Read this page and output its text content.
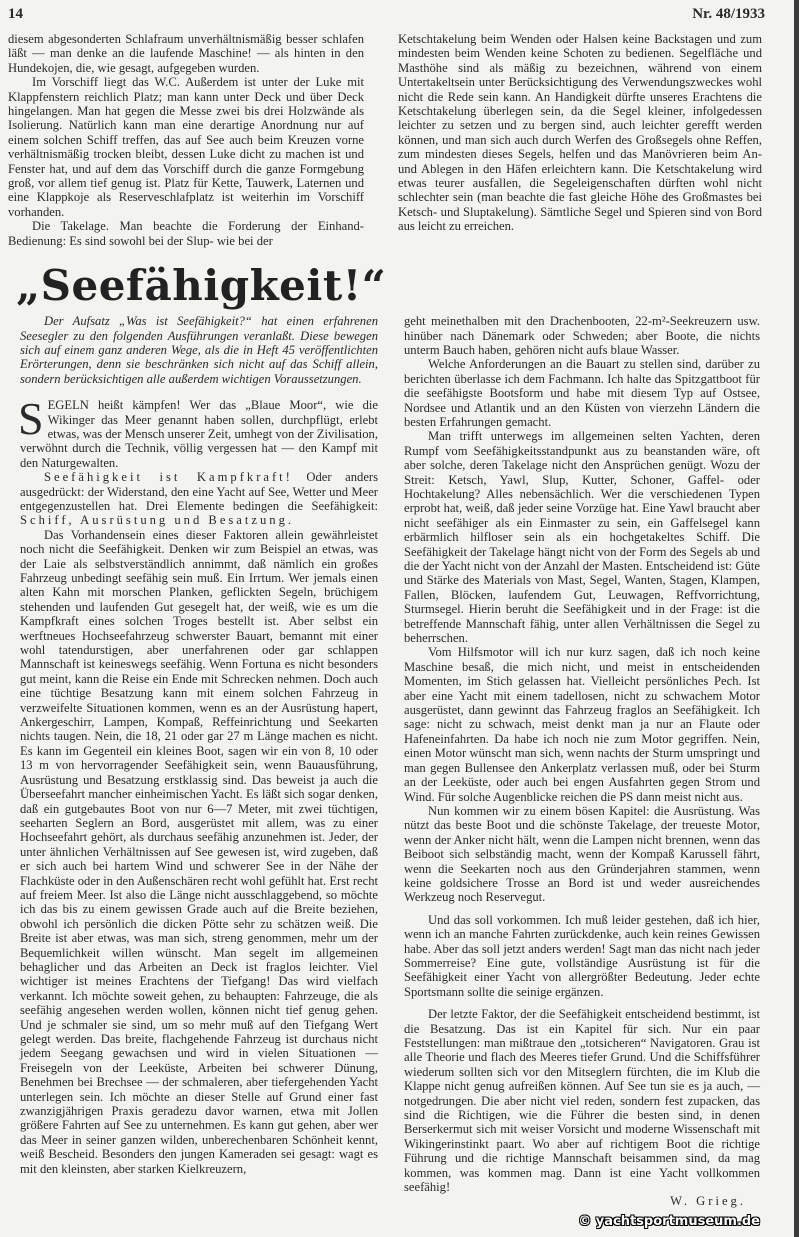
14	Nr. 48/1933

diesem abgesonderten Schlafraum unverhältnismäßig besser schlafen läßt — man denke an die laufende Maschine! — als hinten in den Hundekojen, die, wie gesagt, aufgegeben wurden.

Im Vorschiff liegt das W.C. Außerdem ist unter der Luke mit Klappfenstern reichlich Platz; man kann unter Deck und über Deck hingelangen. Man hat gegen die Messe zwei bis drei Holzwände als Isolierung. Natürlich kann man eine derartige Anordnung nur auf einem solchen Schiff treffen, das auf See auch beim Kreuzen vorne verhältnismäßig trocken bleibt, dessen Luke dicht zu machen ist und Fenster hat, und auf dem das Vorschiff durch die ganze Formgebung groß, vor allem tief genug ist. Platz für Kette, Tauwerk, Laternen und eine Klappkoje als Reserveschlafplatz ist weiterhin im Vorschiff vorhanden.

Die Takelage. Man beachte die Forderung der Einhand-Bedienung: Es sind sowohl bei der Slup- wie bei der

Ketschtakelung beim Wenden oder Halsen keine Backstagen und zum mindesten beim Wenden keine Schoten zu bedienen. Segelfläche und Masthöhe sind als mäßig zu bezeichnen, während von einem Untertakeltsein unter Berücksichtigung des Verwendungszweckes wohl nicht die Rede sein kann. An Handigkeit dürfte unseres Erachtens die Ketschtakelung überlegen sein, da die Segel kleiner, infolgedessen leichter zu setzen und zu bergen sind, auch leichter gerefft werden können, und man sich auch durch Werfen des Großsegels ohne Reffen, zum mindesten dieses Segels, helfen und das Manövrieren beim An- und Ablegen in den Häfen erleichtern kann. Die Ketschtakelung wird etwas teurer ausfallen, die Segeleigenschaften dürften wohl nicht schlechter sein (man beachte die fast gleiche Höhe des Großmastes bei Ketsch- und Sluptakelung). Sämtliche Segel und Spieren sind von Bord aus leicht zu erreichen.

„Seefähigkeit!“

Der Aufsatz „Was ist Seefähigkeit?“ hat einen erfahrenen Seesegler zu den folgenden Ausführungen veranlaßt. Diese bewegen sich auf einem ganz anderen Wege, als die in Heft 45 veröffentlichten Erörterungen, denn sie beschränken sich nicht auf das Schiff allein, sondern berücksichtigen alle außerdem wichtigen Voraussetzungen.

SEGELN heißt kämpfen! Wer das „Blaue Moor“, wie die Wikinger das Meer genannt haben sollen, durchpflügt, erlebt etwas, was der Mensch unserer Zeit, umhegt von der Zivilisation, verwöhnt durch die Technik, völlig vergessen hat — den Kampf mit den Naturgewalten.

Seefähigkeit ist Kampfkraft! Oder anders ausgedrückt: der Widerstand, den eine Yacht auf See, Wetter und Meer entgegenzustellen hat. Drei Elemente bedingen die Seefähigkeit: Schiff, Ausrüstung und Besatzung.

Das Vorhandensein eines dieser Faktoren allein gewährleistet noch nicht die Seefähigkeit. Denken wir zum Beispiel an etwas, was der Laie als selbstverständlich annimmt, daß nämlich ein großes Fahrzeug unbedingt seefähig sein muß. Ein Irrtum. Wer jemals einen alten Kahn mit morschen Planken, geflickten Segeln, brüchigem stehenden und laufenden Gut gesegelt hat, der weiß, wie es um die Kampfkraft eines solchen Troges bestellt ist. Aber selbst ein werftneues Hochseefahrzeug schwerster Bauart, bemannt mit einer wohl tatendurstigen, aber unerfahrenen oder gar schlappen Mannschaft ist keineswegs seefähig. Wenn Fortuna es nicht besonders gut meint, kann die Reise ein Ende mit Schrecken nehmen. Doch auch eine tüchtige Besatzung kann mit einem solchen Fahrzeug in verzweifelte Situationen kommen, wenn es an der Ausrüstung hapert, Ankergeschirr, Lampen, Kompaß, Reffeinrichtung und Seekarten nichts taugen. Nein, die 18, 21 oder gar 27 m Länge machen es nicht. Es kann im Gegenteil ein kleines Boot, sagen wir ein von 8, 10 oder 13 m von hervorragender Seefähigkeit sein, wenn Bauausführung, Ausrüstung und Besatzung erstklassig sind. Das beweist ja auch die Überseefahrt mancher einheimischen Yacht. Es läßt sich sogar denken, daß ein gutgebautes Boot von nur 6—7 Meter, mit zwei tüchtigen, seeharten Seglern an Bord, ausgerüstet mit allem, was zu einer Hochseefahrt gehört, als durchaus seefähig anzunehmen ist. Jeder, der unter ähnlichen Verhältnissen auf See gewesen ist, wird zugeben, daß er sich auch bei hartem Wind und schwerer See in der Nähe der Flachküste oder in den Außenschären recht wohl gefühlt hat. Erst recht auf freiem Meer. Ist also die Länge nicht ausschlaggebend, so möchte ich das bis zu einem gewissen Grade auch auf die Breite beziehen, obwohl ich persönlich die dicken Pötte sehr zu schätzen weiß. Die Breite ist aber etwas, was man sich, streng genommen, mehr um der Bequemlichkeit willen wünscht. Man segelt im allgemeinen behaglicher und das Arbeiten an Deck ist fraglos leichter. Viel wichtiger ist meines Erachtens der Tiefgang! Das wird vielfach verkannt. Ich möchte soweit gehen, zu behaupten: Fahrzeuge, die als seefähig angesehen werden wollen, können nicht tief genug gehen. Und je schmaler sie sind, um so mehr muß auf den Tiefgang Wert gelegt werden. Das breite, flachgehende Fahrzeug ist durchaus nicht jedem Seegang gewachsen und wird in vielen Situationen — Freisegeln von der Leeküste, Arbeiten bei schwerer Dünung, Benehmen bei Brechsee — der schmaleren, aber tiefergehenden Yacht unterlegen sein. Ich möchte an dieser Stelle auf Grund einer fast zwanzigjährigen Praxis geradezu davor warnen, etwa mit Jollen größere Fahrten auf See zu unternehmen. Es kann gut gehen, aber wer das Meer in seiner ganzen wilden, unberechenbaren Schönheit kennt, weiß Bescheid. Besonders den jungen Kameraden sei gesagt: wagt es mit den kleinsten, aber starken Kielkreuzern,

geht meinethalben mit den Drachenbooten, 22-m²-Seekreuzern usw. hinüber nach Dänemark oder Schweden; aber Boote, die nichts unterm Bauch haben, gehören nicht aufs blaue Wasser.

Welche Anforderungen an die Bauart zu stellen sind, darüber zu berichten überlasse ich dem Fachmann. Ich halte das Spitzgattboot für die seefähigste Bootsform und habe mit diesem Typ auf Ostsee, Nordsee und Atlantik und an den Küsten von vierzehn Ländern die besten Erfahrungen gemacht.

Man trifft unterwegs im allgemeinen selten Yachten, deren Rumpf vom Seefähigkeitsstandpunkt aus zu beanstanden wäre, oft aber solche, deren Takelage nicht den Ansprüchen genügt. Wozu der Streit: Ketsch, Yawl, Slup, Kutter, Schoner, Gaffel- oder Hochtakelung? Alles nebensächlich. Wer die verschiedenen Typen erprobt hat, weiß, daß jeder seine Vorzüge hat. Eine Yawl braucht aber nicht seefähiger als ein Einmaster zu sein, ein Gaffelsegel kann erbärmlich hilfloser sein als ein hochgetakeltes Schiff. Die Seefähigkeit der Takelage hängt nicht von der Form des Segels ab und die der Yacht nicht von der Anzahl der Masten. Entscheidend ist: Güte und Stärke des Materials von Mast, Segel, Wanten, Stagen, Klampen, Fallen, Blöcken, laufendem Gut, Leuwagen, Reffvorrichtung, Sturmsegel. Hierin beruht die Seefähigkeit und in der Frage: ist die betreffende Mannschaft fähig, unter allen Verhältnissen die Segel zu beherrschen.

Vom Hilfsmotor will ich nur kurz sagen, daß ich noch keine Maschine besaß, die mich nicht, und meist in entscheidenden Momenten, im Stich gelassen hat. Vielleicht persönliches Pech. Ist aber eine Yacht mit einem tadellosen, nicht zu schwachem Motor ausgerüstet, dann gewinnt das Fahrzeug fraglos an Seefähigkeit. Ich sage: nicht zu schwach, meist denkt man ja nur an Flaute oder Hafeneinfahrten. Da habe ich noch nie zum Motor gegriffen. Nein, einen Motor wünscht man sich, wenn nachts der Sturm umspringt und man gegen Bullensee den Ankerplatz verlassen muß, oder bei Sturm an der Leeküste, oder auch bei engen Ausfahrten gegen Strom und Wind. Für solche Augenblicke reichen die PS dann meist nicht aus.

Nun kommen wir zu einem bösen Kapitel: die Ausrüstung. Was nützt das beste Boot und die schönste Takelage, der treueste Motor, wenn der Anker nicht hält, wenn die Lampen nicht brennen, wenn das Beiboot sich selbständig macht, wenn der Kompaß Karussell fährt, wenn die Seekarten noch aus den Gründerjahren stammen, wenn keine goldsichere Trosse an Bord ist und weder ausreichendes Werkzeug noch Reservegut.

Und das soll vorkommen. Ich muß leider gestehen, daß ich hier, wenn ich an manche Fahrten zurückdenke, auch kein reines Gewissen habe. Aber das soll jetzt anders werden! Sagt man das nicht nach jeder Sommerreise? Eine gute, vollständige Ausrüstung ist für die Seefähigkeit einer Yacht von allergrößter Bedeutung. Jeder echte Sportsmann sollte die seinige ergänzen.

Der letzte Faktor, der die Seefähigkeit entscheidend bestimmt, ist die Besatzung. Das ist ein Kapitel für sich. Nur ein paar Feststellungen: man mißtraue den „totsicheren“ Navigatoren. Grau ist alle Theorie und flach des Meeres tiefer Grund. Und die Schiffsführer wiederum sollten sich vor den Mitseglern fürchten, die im Klub die Klappe nicht genug aufreißen können. Auf See tun sie es ja auch, — notgedrungen. Die aber nicht viel reden, sondern fest zupacken, das sind die Richtigen, wie die Führer die besten sind, in denen Berserkermut sich mit weiser Vorsicht und moderne Wissenschaft mit Wikingerinstinkt paart. Wo aber auf richtigem Boot die richtige Führung und die richtige Mannschaft beisammen sind, da mag kommen, was kommen mag. Dann ist eine Yacht vollkommen seefähig!

W. Grieg.
© yachtsportmuseum.de
